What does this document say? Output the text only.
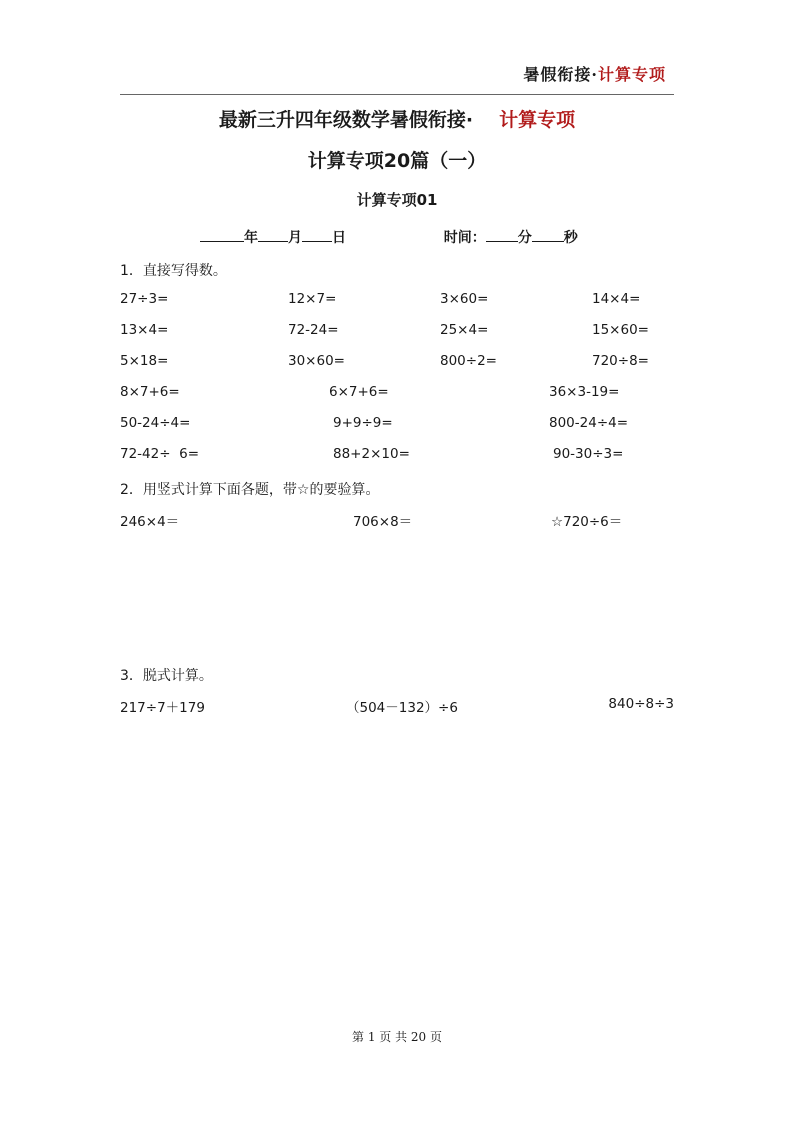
暑假衔接·计算专项
最新三升四年级数学暑假衔接· 计算专项
计算专项20篇（一）
计算专项01
年 月 日	时间： 分 秒
1．直接写得数。
27÷3=	12×7=	3×60=	14×4=
13×4=	72-24=	25×4=	15×60=
5×18=	30×60=	800÷2=	720÷8=
8×7+6=	6×7+6=	36×3-19=
50-24÷4=	9+9÷9=	800-24÷4=
72-42÷  6=	88+2×10=	90-30÷3=
2．用竖式计算下面各题，带☆的要验算。
246×4＝	706×8＝	☆720÷6＝
3．脱式计算。
217÷7＋179	（504－132）÷6	840÷8÷3
第 1 页 共 20 页
